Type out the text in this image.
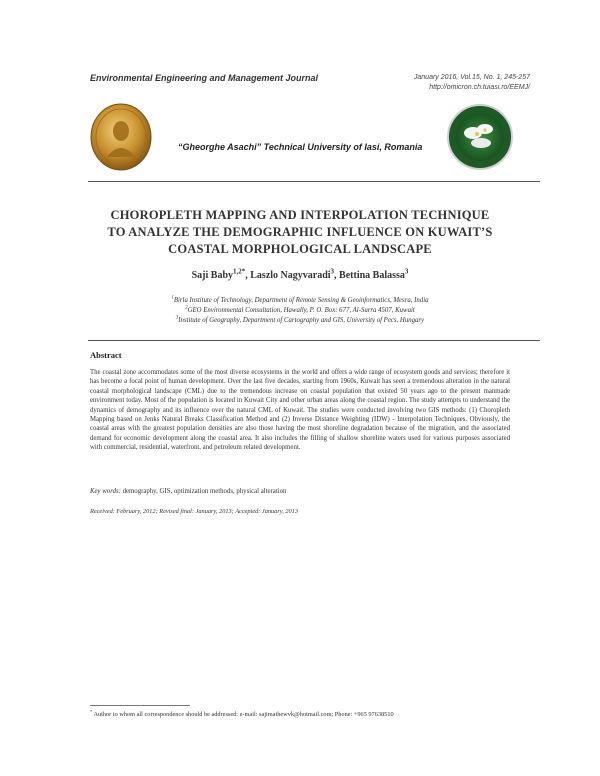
Environmental Engineering and Management Journal	January 2016, Vol.15, No. 1, 245-257
http://omicron.ch.tuiasi.ro/EEMJ/
“Gheorghe Asachi” Technical University of Iasi, Romania
CHOROPLETH MAPPING AND INTERPOLATION TECHNIQUE
TO ANALYZE THE DEMOGRAPHIC INFLUENCE ON KUWAIT’S
COASTAL MORPHOLOGICAL LANDSCAPE
Saji Baby$^{1,2*}$, Laszlo Nagyvaradi$^3$, Bettina Balassa$^3$
$^1$Birla Institute of Technology, Department of Remote Sensing & Geoinformatics, Mesra, India
$^2$GEO Environmental Consultation, Hawally, P. O. Box: 677, Al-Surra 4507, Kuwait
$^3$Institute of Geography, Department of Cartography and GIS, University of Pecs, Hungary
Abstract
The coastal zone accommodates some of the most diverse ecosystems in the world and offers a wide range of ecosystem goods and services; therefore it has become a focal point of human development. Over the last five decades, starting from 1960s, Kuwait has seen a tremendous alteration in the natural coastal morphological landscape (CML) due to the tremendous increase on coastal population that existed 50 years ago to the present manmade environment today. Most of the population is located in Kuwait City and other urban areas along the coastal region. The study attempts to understand the dynamics of demography and its influence over the natural CML of Kuwait. The studies were conducted involving two GIS methods: (1) Choropleth Mapping based on Jenks Natural Breaks Classification Method and (2) Inverse Distance Weighting (IDW) - Interpolation Techniques. Obviously, the coastal areas with the greatest population densities are also those having the most shoreline degradation because of the migration, and the associated demand for economic development along the coastal area. It also includes the filling of shallow shoreline waters used for various purposes associated with commercial, residential, waterfront, and petroleum related development.
Key words: demography, GIS, optimization methods, physical alteration
Received: February, 2012; Revised final: January, 2013; Accepted: January, 2013
* Author to whom all correspondence should be addressed: e-mail: sajimathewvk@hotmail.com; Phone: +965 97638510
